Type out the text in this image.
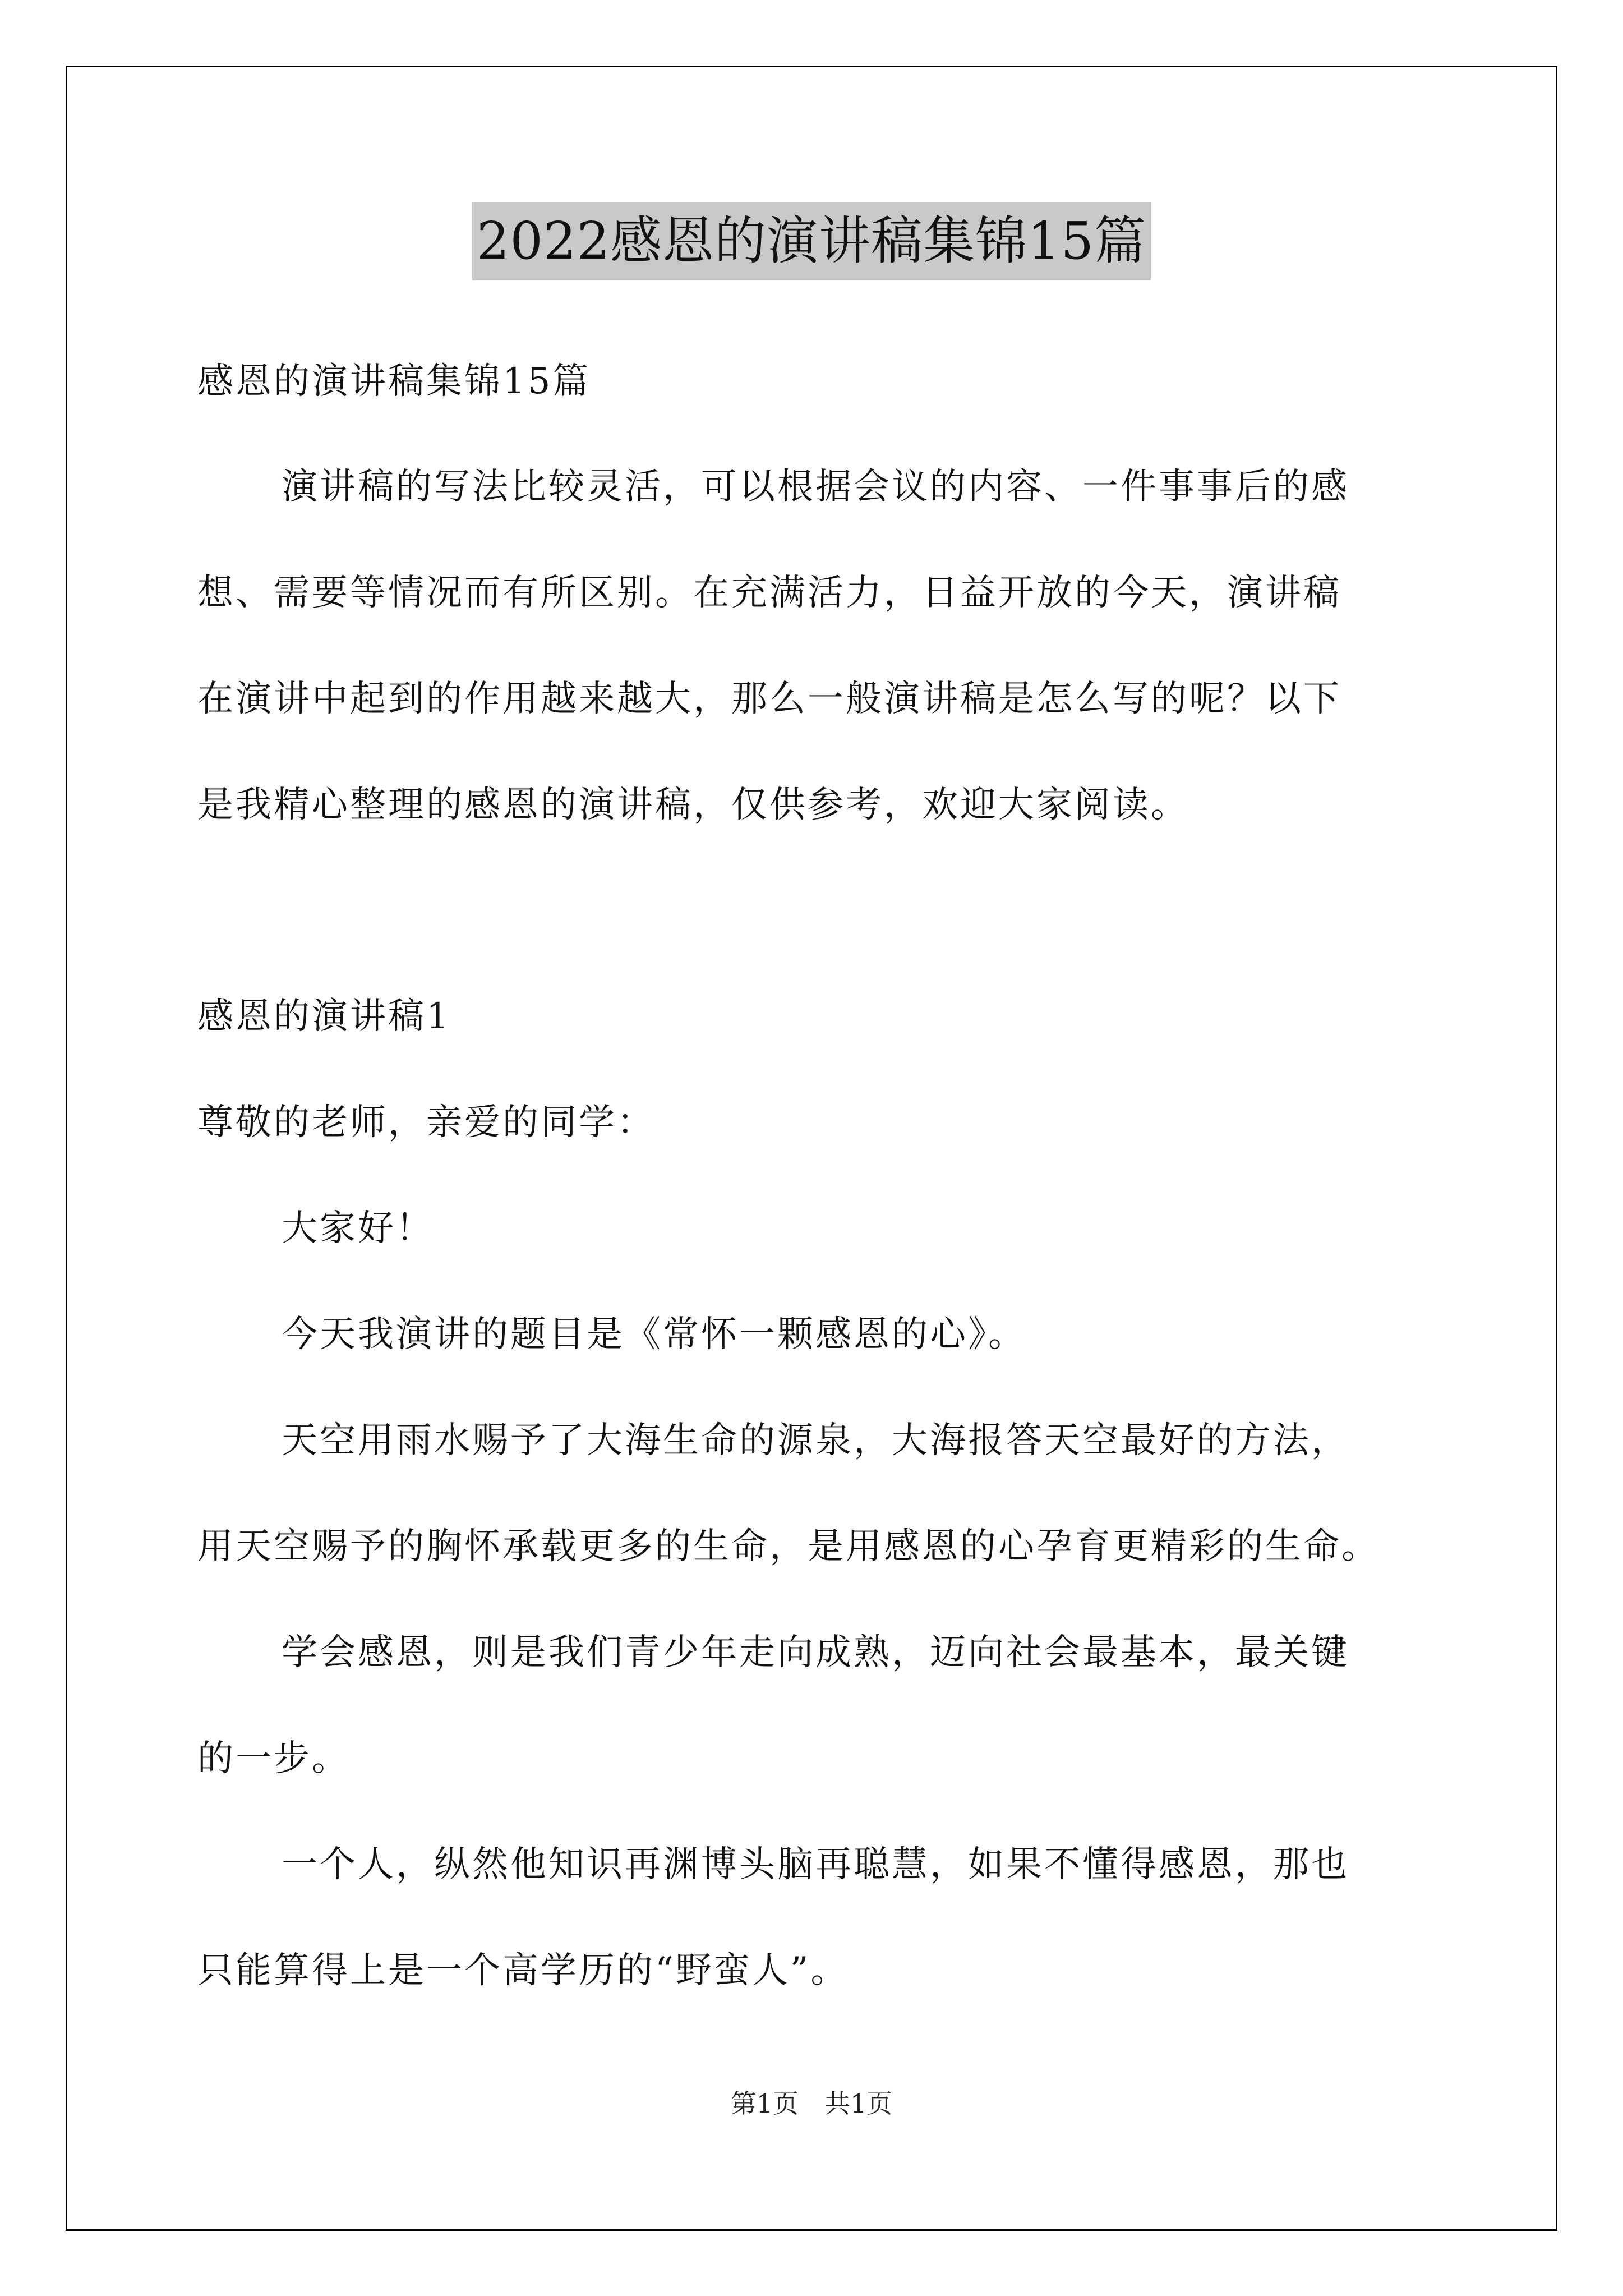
2022感恩的演讲稿集锦15篇
感恩的演讲稿集锦15篇
演讲稿的写法比较灵活，可以根据会议的内容、一件事事后的感
想、需要等情况而有所区别。在充满活力，日益开放的今天，演讲稿
在演讲中起到的作用越来越大，那么一般演讲稿是怎么写的呢？以下
是我精心整理的感恩的演讲稿，仅供参考，欢迎大家阅读。
感恩的演讲稿1
尊敬的老师，亲爱的同学：
大家好！
今天我演讲的题目是《常怀一颗感恩的心》。
天空用雨水赐予了大海生命的源泉，大海报答天空最好的方法，
用天空赐予的胸怀承载更多的生命，是用感恩的心孕育更精彩的生命。
学会感恩，则是我们青少年走向成熟，迈向社会最基本，最关键
的一步。
一个人，纵然他知识再渊博头脑再聪慧，如果不懂得感恩，那也
只能算得上是一个高学历的“野蛮人”。
第1页　共1页
